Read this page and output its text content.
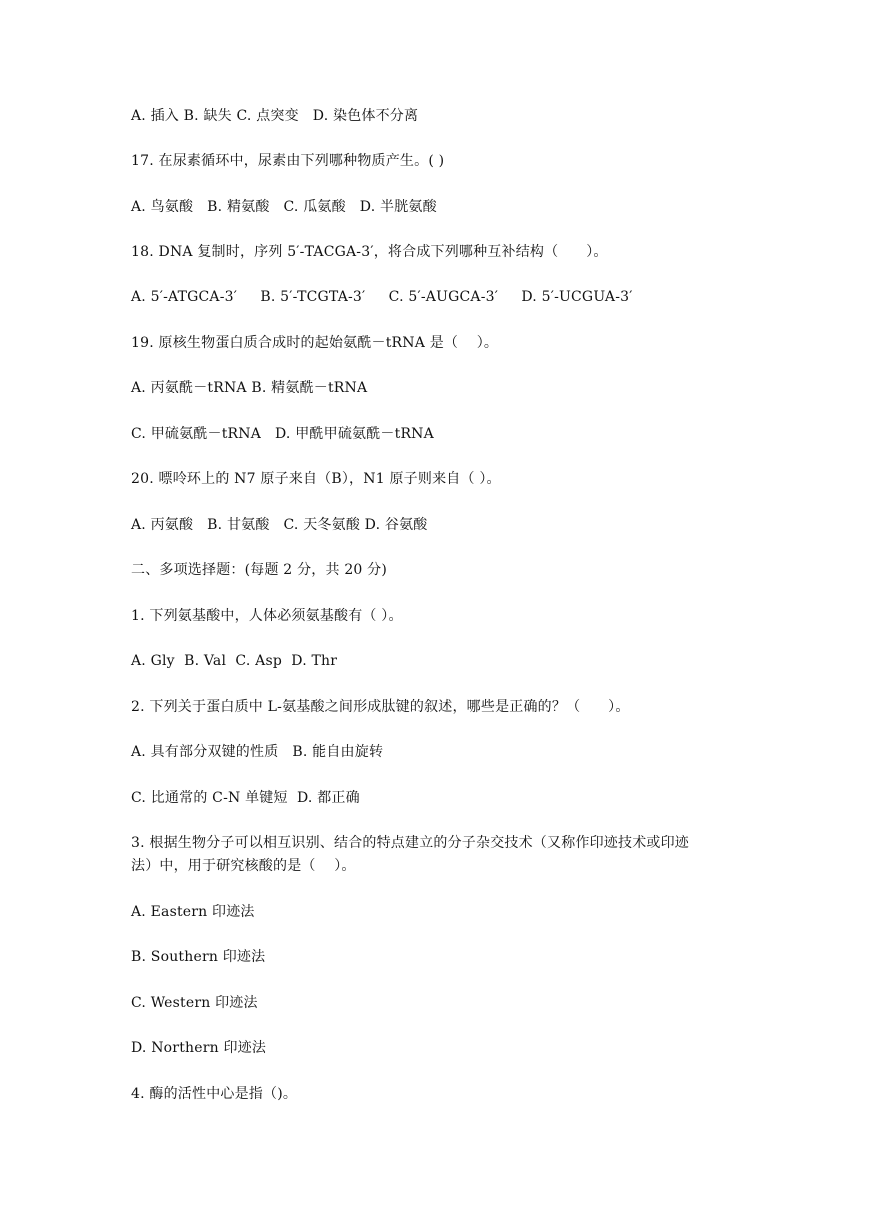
A. 插入 B. 缺失 C. 点突变   D. 染色体不分离
17. 在尿素循环中，尿素由下列哪种物质产生。( )
A. 鸟氨酸   B. 精氨酸   C. 瓜氨酸   D. 半胱氨酸
18. DNA 复制时，序列 5′-TACGA-3′，将合成下列哪种互补结构（      ）。
A. 5′-ATGCA-3′     B. 5′-TCGTA-3′     C. 5′-AUGCA-3′     D. 5′-UCGUA-3′
19. 原核生物蛋白质合成时的起始氨酰－tRNA 是（    ）。
A. 丙氨酰－tRNA B. 精氨酰－tRNA
C. 甲硫氨酰－tRNA   D. 甲酰甲硫氨酰－tRNA
20. 嘌呤环上的 N7 原子来自（B），N1 原子则来自（ ）。
A. 丙氨酸   B. 甘氨酸   C. 天冬氨酸 D. 谷氨酸
二、多项选择题：(每题 2 分，共 20 分)
1. 下列氨基酸中，人体必须氨基酸有（ ）。
A. Gly  B. Val  C. Asp  D. Thr
2. 下列关于蛋白质中 L-氨基酸之间形成肽键的叙述，哪些是正确的？（      ）。
A. 具有部分双键的性质   B. 能自由旋转
C. 比通常的 C-N 单键短  D. 都正确
3. 根据生物分子可以相互识别、结合的特点建立的分子杂交技术（又称作印迹技术或印迹
法）中，用于研究核酸的是（    ）。
A. Eastern 印迹法
B. Southern 印迹法
C. Western 印迹法
D. Northern 印迹法
4. 酶的活性中心是指（)。
